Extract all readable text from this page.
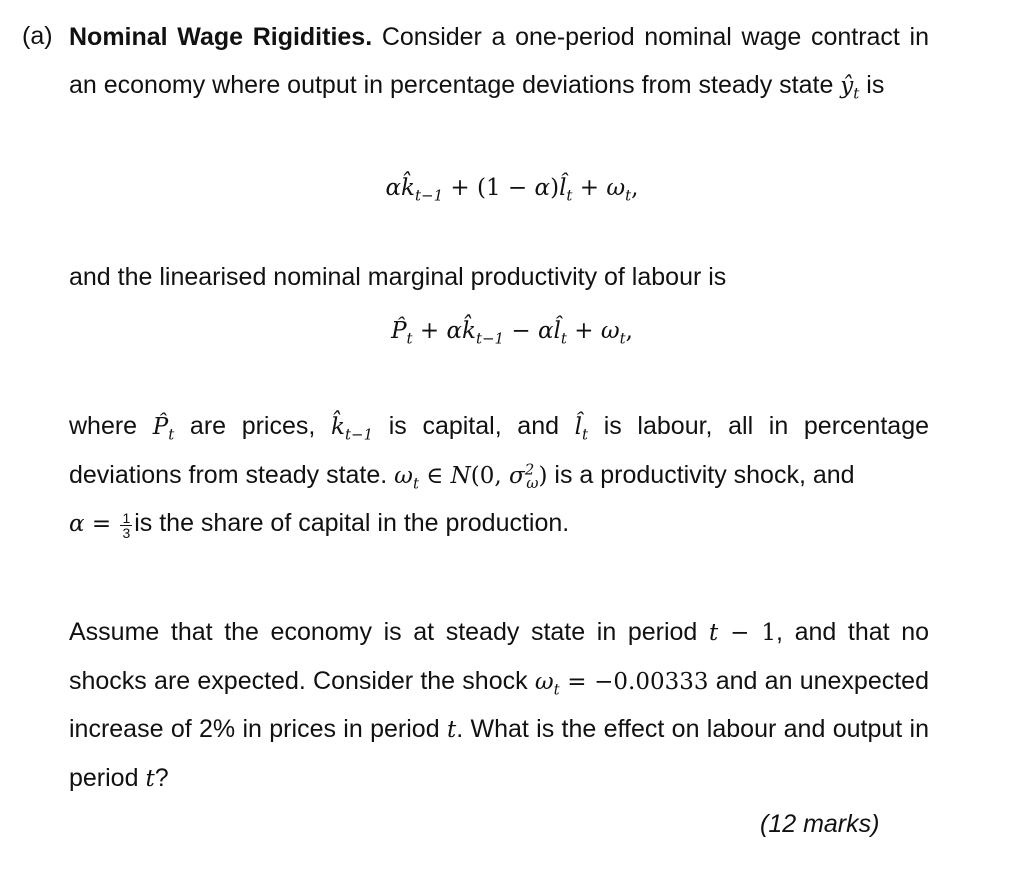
(a) Nominal Wage Rigidities. Consider a one-period nominal wage contract in an economy where output in percentage deviations from steady state $ŷ_t$ is

$\alpha k̂_{t-1} + (1$ − $\alpha)l̂_t + \omega_t$,

and the linearised nominal marginal productivity of labour is

$P̂_t$ + $\alpha k̂_{t-1}$ − $\alpha l̂_t + \omega_t$,

where $P̂_t$ are prices, $k̂_{t-1}$ is capital, and $l̂_t$ is labour, all in percentage deviations from steady state. $\omega_t$ ∈ N(0, $\sigma^2_\omega$) is a productivity shock, and
$\alpha = \frac{1}{3}$ is the share of capital in the production.

Assume that the economy is at steady state in period t − 1, and that no shocks are expected. Consider the shock $\omega_t = -0.00333$ and an unexpected increase of 2% in prices in period t. What is the effect on labour and output in period t?

(12 marks)
